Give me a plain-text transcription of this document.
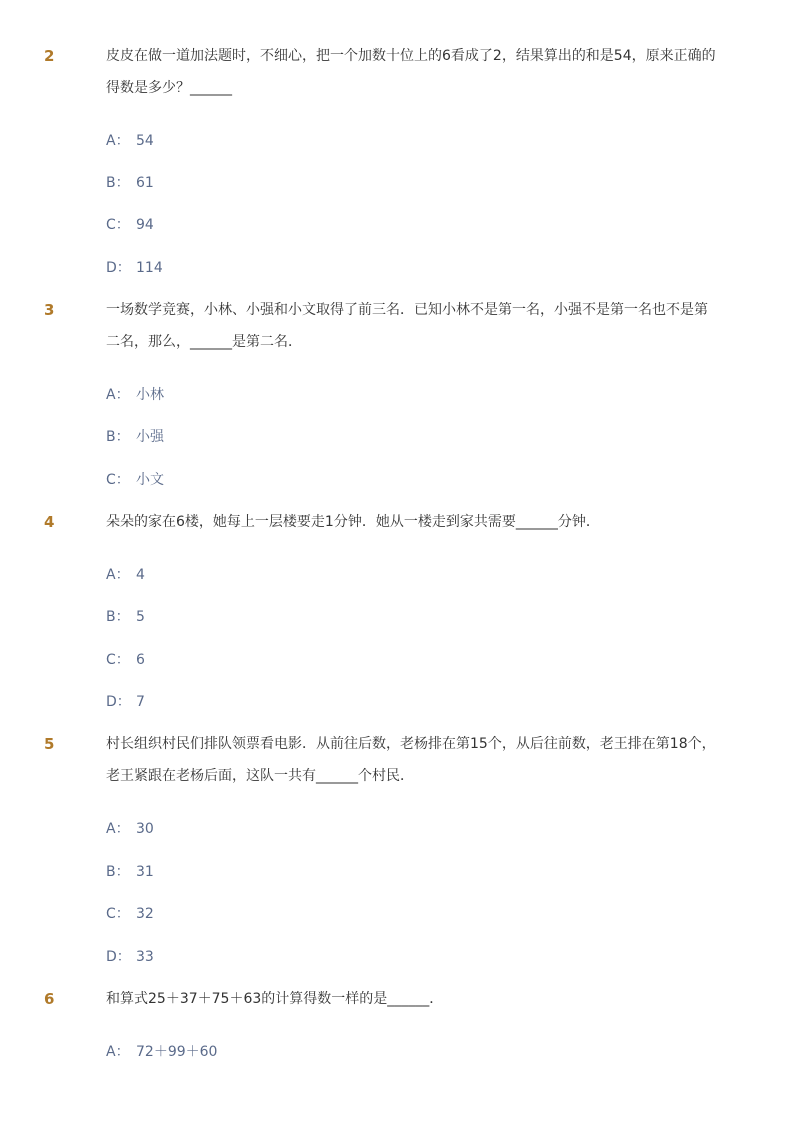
2	皮皮在做一道加法题时，不细心，把一个加数十位上的6看成了2，结果算出的和是54，原来正确的得数是多少？______
A： 54
B： 61
C： 94
D： 114
3	一场数学竞赛，小林、小强和小文取得了前三名．已知小林不是第一名，小强不是第一名也不是第二名，那么，______是第二名．
A： 小林
B： 小强
C： 小文
4	朵朵的家在6楼，她每上一层楼要走1分钟．她从一楼走到家共需要______分钟．
A： 4
B： 5
C： 6
D： 7
5	村长组织村民们排队领票看电影．从前往后数，老杨排在第15个，从后往前数，老王排在第18个，老王紧跟在老杨后面，这队一共有______个村民．
A： 30
B： 31
C： 32
D： 33
6	和算式25＋37＋75＋63的计算得数一样的是______．
A： 72＋99＋60
